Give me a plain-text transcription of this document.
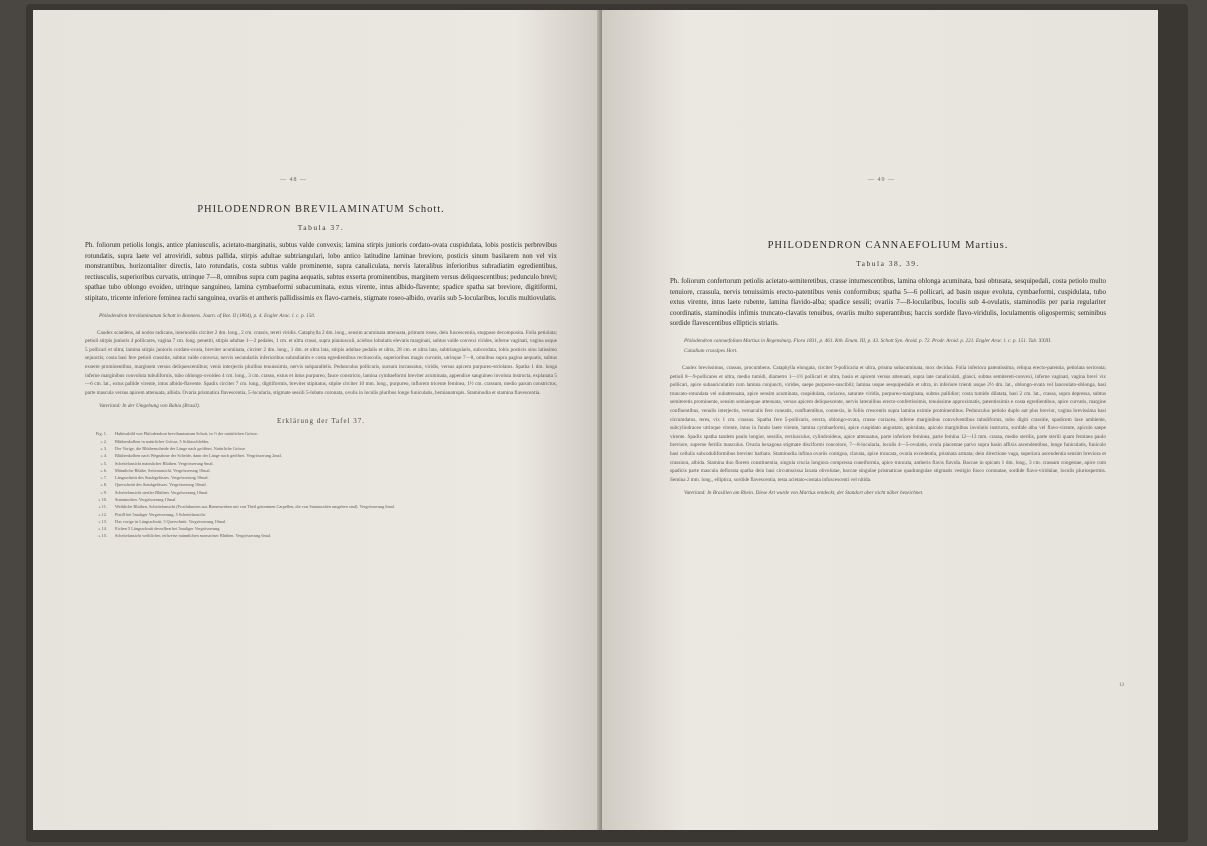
— 48 —
PHILODENDRON BREVILAMINATUM Schott.
Tabula 37.
Ph. foliorum petiolis longis, antice planiusculis, acietato-marginatis, subtus valde convexis; lamina stirpis junioris cordato-ovata cuspidulata, lobis posticis perbrevibus rotundatis, supra laete vel atroviridi, subtus pallida, stirpis adultae subtriangulari, lobo antico latitudine laminae breviore, posticis sinum basilarem non vel vix monstrantibus, horizontaliter directis, lato rotundatis, costa subtus valde prominente, supra canaliculata, nervis lateralibus inferioribus subradiatim egredientibus, rectiusculis, superioribus curvatis, utrinque 7—8, omnibus supra cum pagina aequatis, subtus exserta prominentibus, marginem versus deliquescentibus; pedunculo brevi; spathae tubo oblongo evoideo, utrinque sanguineo, lamina cymbaeformi subacuminata, extus virente, intus albido-flavente; spadice spatha sat breviore, digitiformi, stipitato, tricente inferiore feminea rachi sanguinea, ovariis et antheris pallidissimis ex flavo-carneis, stigmate roseo-albido, ovariis sub 5-locularibus, loculis multiovulatis.
Philodendron brevilaminatum Schott in Bonnens. Journ. of Bot. II (1864), p. 4. Engler Arac. l. c. p. 150.
Caudex scandens, ad nodos radicans, internodiis circiter 2 dm. long., 2 cm. crassis, tereti viridis. Cataphylla 2 dm. long., sensim acuminata attenuata, primum rosea, dein fuscescentia, stuppose decomposita. Folia petiolata; petioli stirpis junioris 4 pollicares, vagina 7 cm. long. penetiti, stirpis adultae 1—2 pedales, 1 cm. et ultra crassi, supra planiusculi, aciebus lobulatis elevatis marginati, subtus valde convexi virides, inferne vaginati, vagina usque 5 pollicari et ultra; lamina stirpis junioris cordato-ovata, breviter acuminata, circiter 2 dm. long., 1 dm. et ultra lata, stirpis adultae pedalis et ultra, 28 cm. et ultra lata, subtriangularis, subcordata, lobis posticis sinu latissimo sejunctis; costa basi fere petioli crassitie, subtus valde convexa; nervis secundariis inferioribus subradiatim e costa egredientibus rectiusculis, superioribus magis curvatis, utrinque 7—8, omnibus supra pagina aequatis, subtus exserte prominentibus, marginem versus deliquescentibus; venis interjectis pluribus tenuissimis, nervis subparallelis. Pedunculus pollicaris, sursum incrassatus, viridis, versus apicem purpureo-striolatus. Spatha 1 dm. longa inferne marginibus convoluta tubulifornis, tubo oblongo-ovoideo 4 cm. long., 3 cm. crasso, extus et intus purpureo, fauce constricto, lamina cymbaeformi breviter acuminata, appendice sanguineo involuta instructa, explanata 5—6 cm. lat., extus pallide virente, intus albido-flavente. Spadix circiter 7 cm. long., digitiformis, breviter stipitatus, stipite circiter 10 mm. long., purpureo, inflorem tricente feminea, 1½ cm. crassum, medio parum constrictus, parte mascula versus apicem attenuata, albida. Ovaria prismatica flavescentia, 5-locularia, stigmate sessili 5-lobato coronata, ovulis in loculis pluribus longe funiculatis, hemianatropis. Staminodia et stamina flavescentia.
Vaterland: In der Umgebung von Bahia (Brasil).
Erklärung der Tafel 37.
Fig. 1.	Habitusbild von Philodendron brevilaminatum Schott, in ½ der natürlichen Grösse.
» 2.	Blüthenkolben in natürlicher Grösse, 5 Schlauchfelder.
» 3.	Der Vorige, die Blüthenscheide der Länge nach geöffnet. Natürliche Grösse.
» 4.	Blüthenkolben nach Wegnahme der Scheide, dann der Länge nach geöffnet. Vergrösserung 2mal.
» 5.	Scheitelansicht männlicher Blüthen. Vergrösserung 6mal.
» 6.	Männliche Blüthe, Seitenansicht. Vergrösserung 10mal.
» 7.	Längsschnitt des Staubgefässes. Vergrösserung 10mal.
» 8.	Querschnitt des Staubgefässes. Vergrösserung 10mal.
» 9.	Scheitelansicht steriler Blüthen. Vergrösserung 10mal.
» 10.	Staminodien. Vergrösserung 10mal.
» 11.	Weibliche Blüthen, Scheitelansicht (Fruchtknoten aus Bienenwaben mit von Theil getrennten Carpellen, die von Staminodien umgeben sind). Vergrösserung 6mal.
» 12.	Pistill bei 5maliger Vergrösserung, 5 Scheitelansicht.
» 13.	Das vorige in Längsschnitt, 5 Querschnitt. Vergrösserung 10mal.
» 14.	Eichen 5 Längsschnitt desselben bei 5maliger Vergrösserung.
» 15.	Scheitelansicht weiblicher, teilweise männlichen monströser Blüthen. Vergrösserung 6mal.
— 49 —
PHILODENDRON CANNAEFOLIUM Martius.
Tabula 38, 39.
Ph. foliorum confertorum petiolis acietato-semiteretibus, crasse intumescentibus, lamina oblonga acuminata, basi obtusata, sesquipedali, costa petiolo multo tenuiore, crassula, nervis tenuissimis erecto-patentibus venis conformibus; spatha 5—6 pollicari, ad basin usque evoluta, cymbaeformi, cuspidulata, tubo extus virente, intus laete rubente, lamina flavido-alba; spadice sessili; ovariis 7—8-locularibus, loculis sub 4-ovulatis, staminodiis per paria regulariter coordinatis, staminodiis infimis truncato-clavatis tenuibus, ovariis multo superantibus; baccis sordide flavo-viridulis, loculamentis oligospermis; seminibus sordide flavescentibus ellipticis striatis.
Philodendron cannaefolium Martius in Regensburg. Flora 1831, p. 461. Kth. Enum. III, p. 43. Schott Syn. Aroid. p. 72. Prodr. Aroid. p. 221. Engler Arac. l. c. p. 151. Tab. XXIII.
Caladium crassipes Hort.
Caulex brevissimus, crassus, procumbens. Cataphylla elongata, circiter 9-pollicaria et ultra, prisma subacuminata, mox decidua. Folia inferiora patentissima, reliqua erecto-patentia, petiolata sericeata; petioli 8—9-pollicares et ultra, medio tumidi, diametro 1—1½ pollicari et ultra, basin et apicem versus attenuati, supra late canaliculati, glauci, subtus semitereti-convexi, inferne vaginati, vagina brevi vix pollicari, apice subauriculatim cum lamina conjuncti, virides, saepe purpureo-suscibili; lamina usque sesquipedalis et ultra, in inferiore trienti usque 2½ dm. lat., oblongo-ovata vel lanceolato-oblonga, basi truncato-rotundata vel subattenuata, apice sensim acuminata, cuspidulata, coriacea, saturate viridis, purpureo-marginata, subtus pallidior; costa tumido dilatata, basi 2 cm. lat., crassa, supra depressa, subtus semiteretis prominente, sensim semiaequae attenuata, versus apicem deliquescente, nervis lateralibus erecto-confertissimis, tenuissime approximatis, patentissimis e costa egredientibus, apice curvatis, margine confluentibus, venulis interjectis, vernaculis fere cuneatis, confluentibus, connexis, in foliis crescentis supra lamina eximie prominentibus. Pedunculus petiolo duplo aut plus brevior, vagina brevissima basi circumdatus, teres, vix 1 cm. crassus. Spatha fere 5-pollicaris, erecta, oblongo-ovata, crasse coriacea, inferne marginibus convolventibus tubulifornis, tubo digiti crassitie, spadicem laxe ambiente, subcylindraceo utrinque virente, intus in fundo laete virente, lamina cymbaeformi, apice cuspidato angustato, apiculata, apiculo marginibus involutis instructo, sordide alba vel flavo-virente, apiculo saepe virente. Spadix spatha tandem paulo longior, sessilis, rectiusculus, cylindroideus, apice attenuatus, parte inferiore feminea, parte femina 12—13 mm. crassa, medio sterilis, parte sterili quam feminea paulo breviore, superne fertilis masculus. Ovaria hexagona stigmate disciformi concolore, 7—8-locularia, loculis 4—5-ovulatis, ovula placentae parvo supra basin affixis ascendentibus, longe funiculatis, funiculo basi cellulis subcoduliformibus breviter barbato. Staminodia infima ovariis contigua, clavata, apice truncata, ovaria excedentia, prismata armata; dein directione vaga, superiora ascendentia sensim breviora et crassiora, albida. Stamina duo florem constituentia, singula crucia longiora compressa cuneiformia, apice truncata, antheris flavis flavida. Baccae in spicam 1 dm. long., 3 cm. crassam congestae, apice cum spadicis parte mascula deflorata spatha dein basi circumscissa laxata obvolutae, baccae singulae prismaticae quadrangulae stigmatis vestigio fusco coronatae, sordide flavo-viridulae, loculis pluriospermis. Semina 2 mm. long., elliptica, sordide flavescentia, testa acietato-costata infuscescenti vel nitida.
Vaterland: In Brasilien am Rhein. Diese Art wurde von Martius entdeckt, der Standort aber nicht näher bezeichnet.
13
